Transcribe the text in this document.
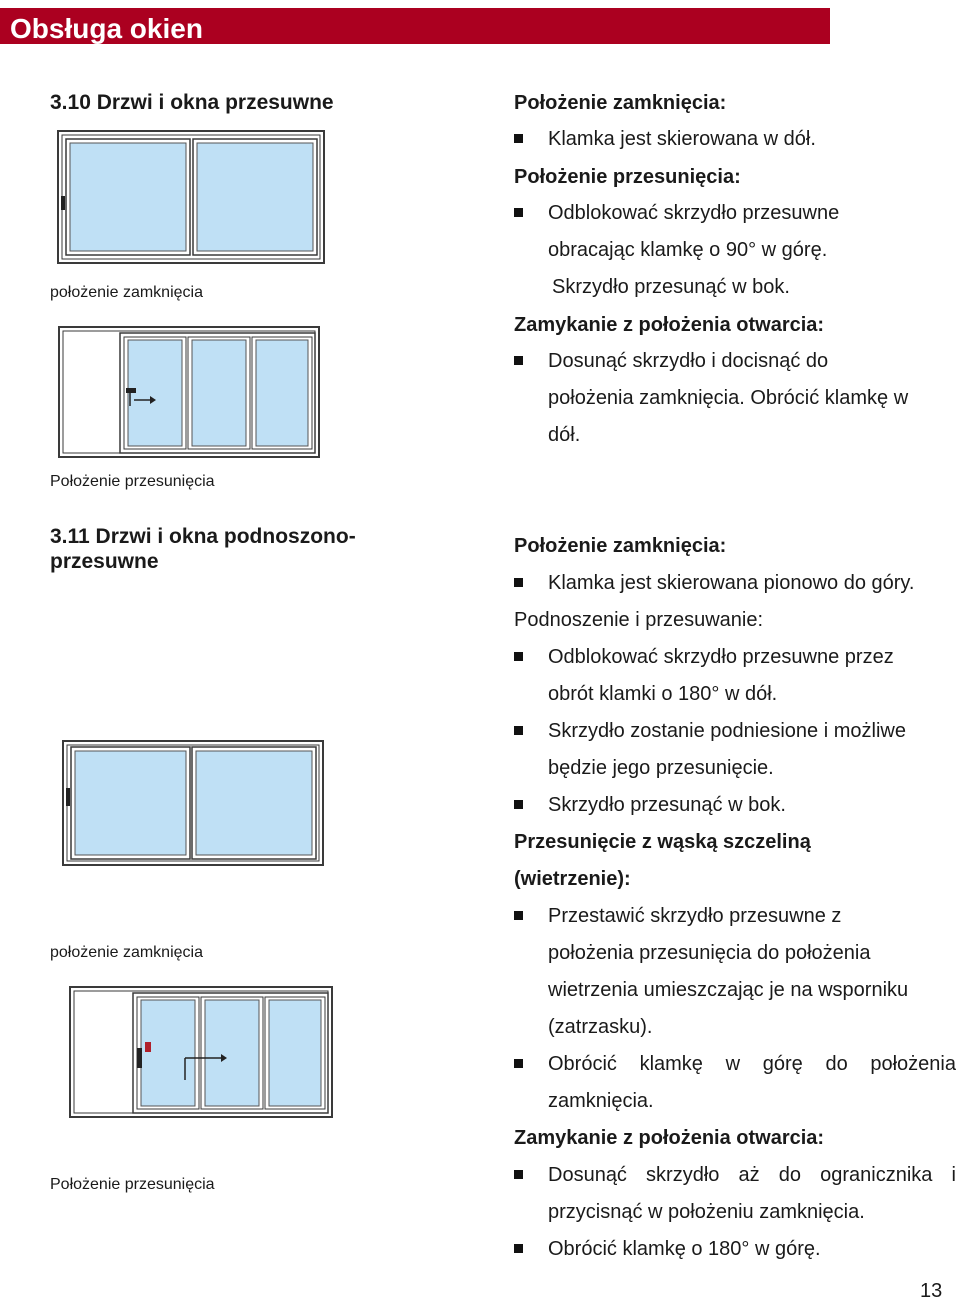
Obsługa okien
3.10 Drzwi i okna przesuwne
położenie zamknięcia
Położenie przesunięcia
Położenie zamknięcia:
Klamka jest skierowana w dół.
Położenie przesunięcia:
Odblokować skrzydło przesuwne
obracając klamkę o 90° w górę.
Skrzydło przesunąć w bok.
Zamykanie z położenia otwarcia:
Dosunąć skrzydło i docisnąć do
położenia zamknięcia. Obrócić klamkę w
dół.
3.11 Drzwi i okna podnoszono-
przesuwne
położenie zamknięcia
Położenie przesunięcia
Położenie zamknięcia:
Klamka jest skierowana pionowo do góry.
Podnoszenie i przesuwanie:
Odblokować skrzydło przesuwne przez
obrót klamki o 180° w dół.
Skrzydło zostanie podniesione i możliwe
będzie jego przesunięcie.
Skrzydło przesunąć w bok.
Przesunięcie z wąską szczeliną
(wietrzenie):
Przestawić skrzydło przesuwne z
położenia przesunięcia do położenia
wietrzenia umieszczając je na wsporniku
(zatrzasku).
Obrócić klamkę w górę do położenia
zamknięcia.
Zamykanie z położenia otwarcia:
Dosunąć skrzydło aż do ogranicznika i
przycisnąć w położeniu zamknięcia.
Obrócić klamkę o 180° w górę.
13
